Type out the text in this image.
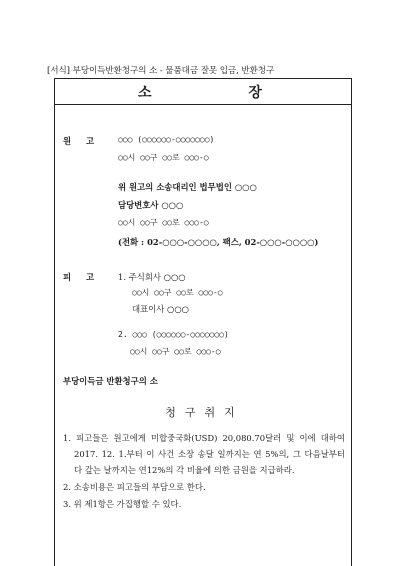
[서식] 부당이득반환청구의 소 - 물품대금 잘못 입금, 반환청구
소 장
원 고 ○○○ (○○○○○○-○○○○○○○)
○○시 ○○구 ○○로 ○○○-○
위 원고의 소송대리인 법무법인 ○○○
담당변호사 ○○○
○○시 ○○구 ○○로 ○○○-○
(전화 : 02-○○○-○○○○, 팩스, 02-○○○-○○○○)
피 고 1. 주식회사 ○○○
○○시 ○○구 ○○로 ○○○-○
대표이사 ○○○
2. ○○○ (○○○○○○-○○○○○○○)
○○시 ○○구 ○○로 ○○○-○
부당이득금 반환청구의 소
청구취지

1. 피고들은 원고에게 미합중국화(USD) 20,080.70달러 및 이에 대하여 2017. 12. 1.부터 이 사건 소장 송달 일까지는 연 5%의, 그 다음날부터 다 갚는 날까지는 연12%의 각 비율에 의한 금원을 지급하라.

2. 소송비용은 피고들의 부담으로 한다.

3. 위 제1항은 가집행할 수 있다.
